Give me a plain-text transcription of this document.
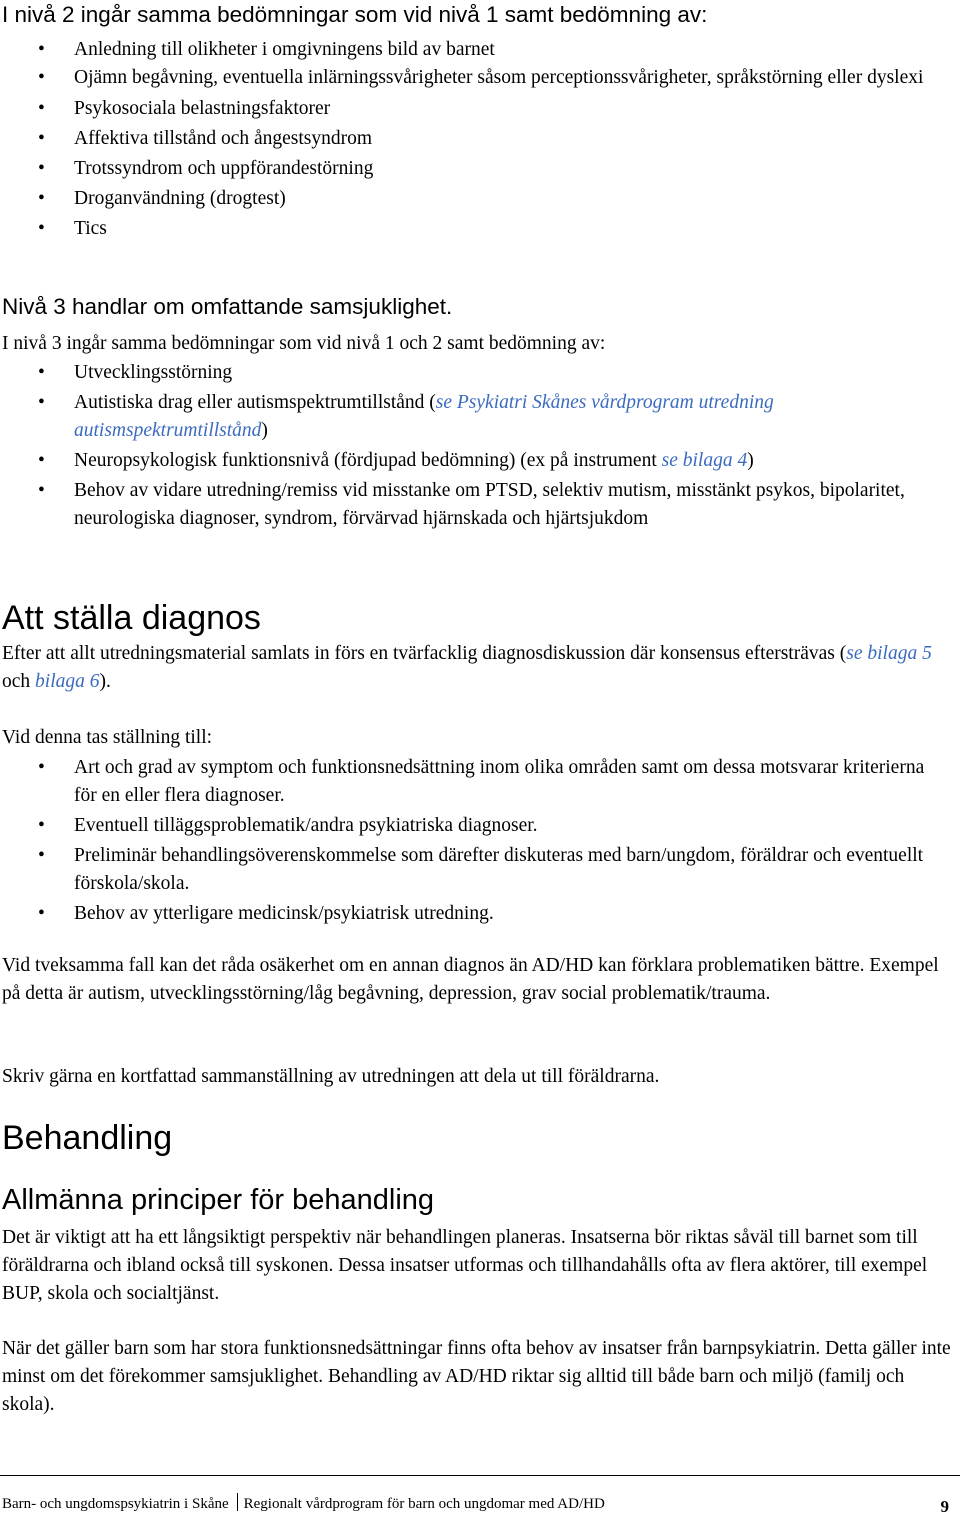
I nivå 2 ingår samma bedömningar som vid nivå 1 samt bedömning av:
• Anledning till olikheter i omgivningens bild av barnet
• Ojämn begåvning, eventuella inlärningssvårigheter såsom perceptionssvårigheter, språkstörning eller dyslexi
• Psykosociala belastningsfaktorer
• Affektiva tillstånd och ångestsyndrom
• Trotssyndrom och uppförandestörning
• Droganvändning (drogtest)
• Tics
Nivå 3 handlar om omfattande samsjuklighet.

I nivå 3 ingår samma bedömningar som vid nivå 1 och 2 samt bedömning av:

• Utvecklingsstörning
• Autistiska drag eller autismspektrumtillstånd (se Psykiatri Skånes vårdprogram utredning autismspektrumtillstånd)
• Neuropsykologisk funktionsnivå (fördjupad bedömning) (ex på instrument se bilaga 4)
• Behov av vidare utredning/remiss vid misstanke om PTSD, selektiv mutism, misstänkt psykos, bipolaritet, neurologiska diagnoser, syndrom, förvärvad hjärnskada och hjärtsjukdom
Att ställa diagnos

Efter att allt utredningsmaterial samlats in förs en tvärfacklig diagnosdiskussion där konsensus eftersträvas (se bilaga 5 och bilaga 6).

Vid denna tas ställning till:

• Art och grad av symptom och funktionsnedsättning inom olika områden samt om dessa motsvarar kriterierna för en eller flera diagnoser.
• Eventuell tilläggsproblematik/andra psykiatriska diagnoser.
• Preliminär behandlingsöverenskommelse som därefter diskuteras med barn/ungdom, föräldrar och eventuellt förskola/skola.
• Behov av ytterligare medicinsk/psykiatrisk utredning.

Vid tveksamma fall kan det råda osäkerhet om en annan diagnos än AD/HD kan förklara problematiken bättre. Exempel på detta är autism, utvecklingsstörning/låg begåvning, depression, grav social problematik/trauma.

Skriv gärna en kortfattad sammanställning av utredningen att dela ut till föräldrarna.

Behandling
Allmänna principer för behandling

Det är viktigt att ha ett långsiktigt perspektiv när behandlingen planeras. Insatserna bör riktas såväl till barnet som till föräldrarna och ibland också till syskonen. Dessa insatser utformas och tillhandahålls ofta av flera aktörer, till exempel BUP, skola och socialtjänst.

När det gäller barn som har stora funktionsnedsättningar finns ofta behov av insatser från barnpsykiatrin. Detta gäller inte minst om det förekommer samsjuklighet. Behandling av AD/HD riktar sig alltid till både barn och miljö (familj och skola).

Barn- och ungdomspsykiatrin i Skåne Regionalt vårdprogram för barn och ungdomar med AD/HD	9
